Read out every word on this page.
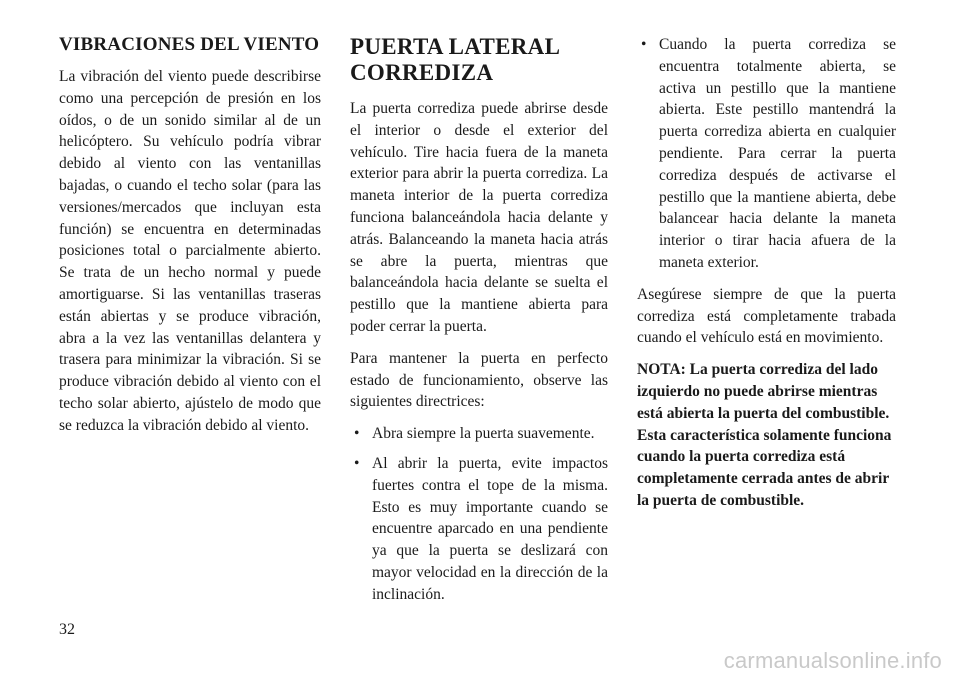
VIBRACIONES DEL VIENTO

La vibración del viento puede describirse como una percepción de presión en los oídos, o de un sonido similar al de un helicóptero. Su vehículo podría vibrar debido al viento con las ventanillas bajadas, o cuando el techo solar (para las versiones/mercados que incluyan esta función) se encuentra en determinadas posiciones total o parcialmente abierto. Se trata de un hecho normal y puede amortiguarse. Si las ventanillas traseras están abiertas y se produce vibración, abra a la vez las ventanillas delantera y trasera para minimizar la vibración. Si se produce vibración debido al viento con el techo solar abierto, ajústelo de modo que se reduzca la vibración debido al viento.

PUERTA LATERAL CORREDIZA

La puerta corrediza puede abrirse desde el interior o desde el exterior del vehículo. Tire hacia fuera de la maneta exterior para abrir la puerta corrediza. La maneta interior de la puerta corrediza funciona balanceándola hacia delante y atrás. Balanceando la maneta hacia atrás se abre la puerta, mientras que balanceándola hacia delante se suelta el pestillo que la mantiene abierta para poder cerrar la puerta.

Para mantener la puerta en perfecto estado de funcionamiento, observe las siguientes directrices:

• Abra siempre la puerta suavemente.
• Al abrir la puerta, evite impactos fuertes contra el tope de la misma. Esto es muy importante cuando se encuentre aparcado en una pendiente ya que la puerta se deslizará con mayor velocidad en la dirección de la inclinación.
• Cuando la puerta corrediza se encuentra totalmente abierta, se activa un pestillo que la mantiene abierta. Este pestillo mantendrá la puerta corrediza abierta en cualquier pendiente. Para cerrar la puerta corrediza después de activarse el pestillo que la mantiene abierta, debe balancear hacia delante la maneta interior o tirar hacia afuera de la maneta exterior.

Asegúrese siempre de que la puerta corrediza está completamente trabada cuando el vehículo está en movimiento.

NOTA: La puerta corrediza del lado izquierdo no puede abrirse mientras está abierta la puerta del combustible. Esta característica solamente funciona cuando la puerta corrediza está completamente cerrada antes de abrir la puerta de combustible.

32
carmanualsonline.info
